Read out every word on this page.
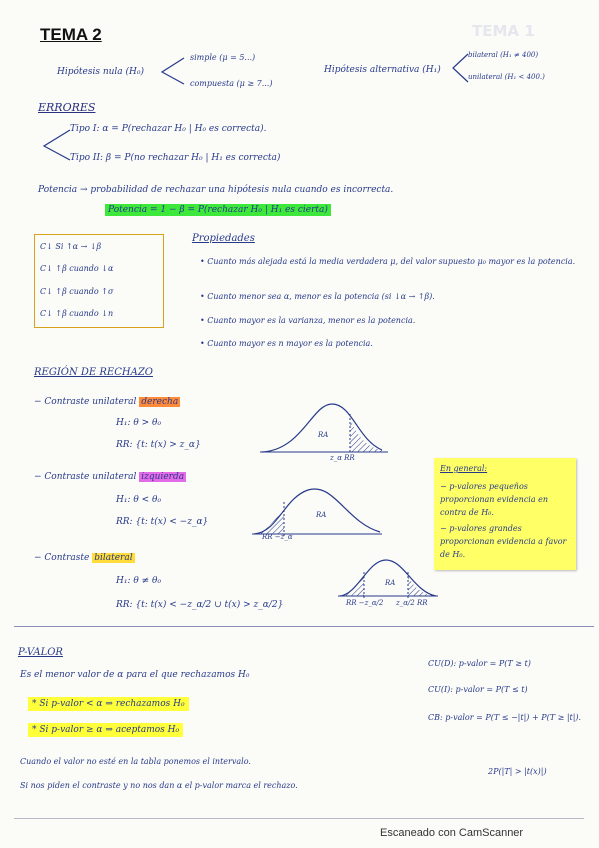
TEMA 1
TEMA 2
Hipótesis nula (H₀)
simple (μ = 5...)
compuesta (μ ≥ 7...)
Hipótesis alternativa (H₁)
bilateral (H₁ ≠ 400)
unilateral (H₁ < 400.)
ERRORES
Tipo I: α = P(rechazar H₀ | H₀ es correcta).
Tipo II: β = P(no rechazar H₀ | H₁ es correcta)
Potencia → probabilidad de rechazar una hipótesis nula cuando es incorrecta.
Potencia = 1 − β = P(rechazar H₀ | H₁ es cierta)
C↓ Si ↑α → ↓β
C↓ ↑β cuando ↓α
C↓ ↑β cuando ↑σ
C↓ ↑β cuando ↓n
Propiedades
• Cuanto más alejada está la media verdadera μ, del valor supuesto μ₀ mayor es la potencia.
• Cuanto menor sea α, menor es la potencia (si ↓α → ↑β).
• Cuanto mayor es la varianza, menor es la potencia.
• Cuanto mayor es n mayor es la potencia.
REGIÓN DE RECHAZO
− Contraste unilateral derecha
H₁: θ > θ₀
RR: {t: t(x) > z_α}
RA
z_α RR
− Contraste unilateral izquierda
H₁: θ < θ₀
RR: {t: t(x) < −z_α}
RA
RR −z_α
− Contraste bilateral
H₁: θ ≠ θ₀
RR: {t: t(x) < −z_α/2 ∪ t(x) > z_α/2}
RA
RR −z_α/2 z_α/2 RR
En general:
− p-valores pequeños proporcionan evidencia en contra de H₀.
− p-valores grandes proporcionan evidencia a favor de H₀.
P-VALOR
Es el menor valor de α para el que rechazamos H₀
* Si p-valor < α ⇒ rechazamos H₀
* Si p-valor ≥ α ⇒ aceptamos H₀
CU(D): p-valor = P(T ≥ t)
CU(I): p-valor = P(T ≤ t)
CB: p-valor = P(T ≤ −|t|) + P(T ≥ |t|).
2P(|T| > |t(x)|)
Cuando el valor no esté en la tabla ponemos el intervalo.
Si nos piden el contraste y no nos dan α el p-valor marca el rechazo.
Escaneado con CamScanner
